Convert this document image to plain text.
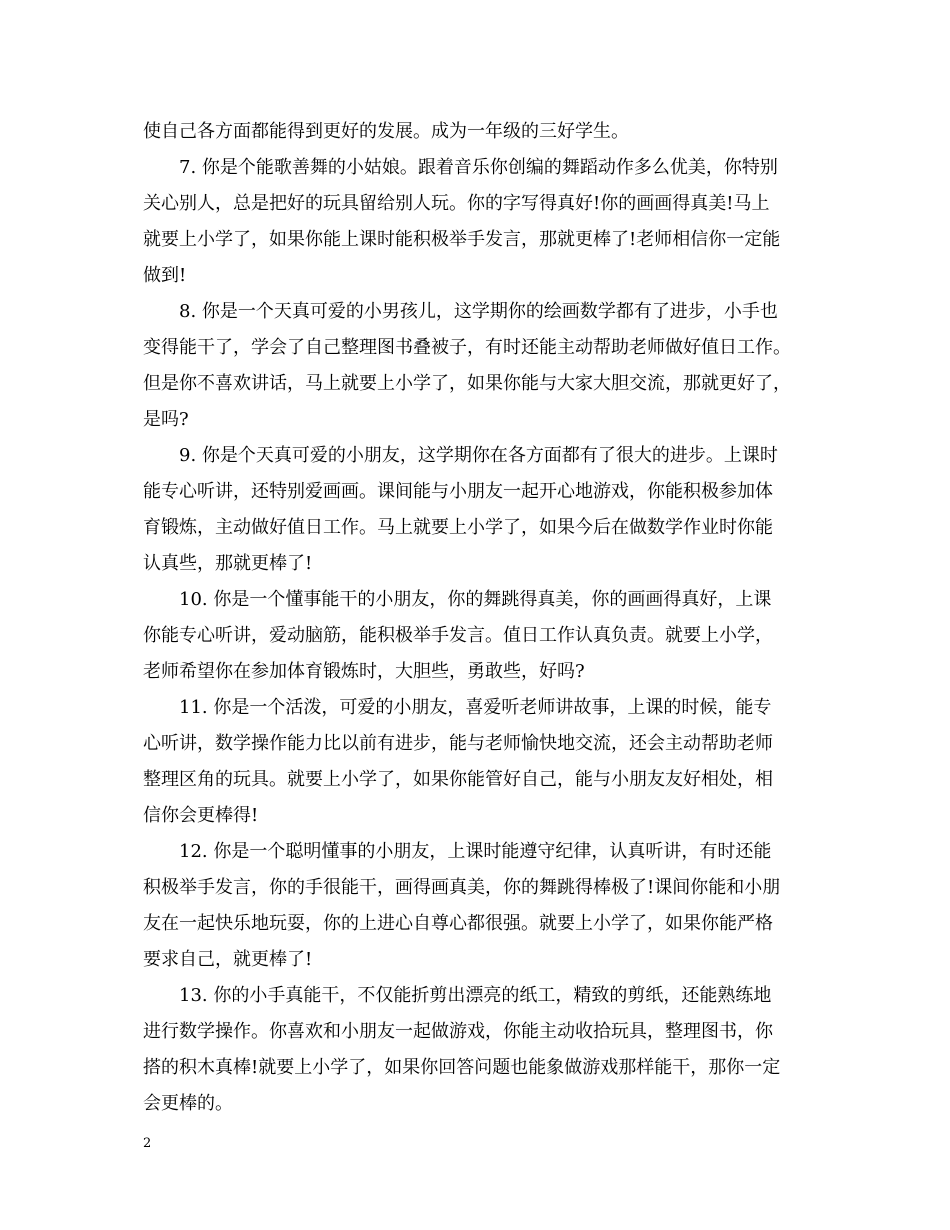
使自己各方面都能得到更好的发展。成为一年级的三好学生。
7. 你是个能歌善舞的小姑娘。跟着音乐你创编的舞蹈动作多么优美，你特别
关心别人，总是把好的玩具留给别人玩。你的字写得真好!你的画画得真美!马上
就要上小学了，如果你能上课时能积极举手发言，那就更棒了!老师相信你一定能
做到!
8. 你是一个天真可爱的小男孩儿，这学期你的绘画数学都有了进步，小手也
变得能干了，学会了自己整理图书叠被子，有时还能主动帮助老师做好值日工作。
但是你不喜欢讲话，马上就要上小学了，如果你能与大家大胆交流，那就更好了，
是吗?
9. 你是个天真可爱的小朋友，这学期你在各方面都有了很大的进步。上课时
能专心听讲，还特别爱画画。课间能与小朋友一起开心地游戏，你能积极参加体
育锻炼，主动做好值日工作。马上就要上小学了，如果今后在做数学作业时你能
认真些，那就更棒了!
10. 你是一个懂事能干的小朋友，你的舞跳得真美，你的画画得真好，上课
你能专心听讲，爱动脑筋，能积极举手发言。值日工作认真负责。就要上小学，
老师希望你在参加体育锻炼时，大胆些，勇敢些，好吗?
11. 你是一个活泼，可爱的小朋友，喜爱听老师讲故事，上课的时候，能专
心听讲，数学操作能力比以前有进步，能与老师愉快地交流，还会主动帮助老师
整理区角的玩具。就要上小学了，如果你能管好自己，能与小朋友友好相处，相
信你会更棒得!
12. 你是一个聪明懂事的小朋友，上课时能遵守纪律，认真听讲，有时还能
积极举手发言，你的手很能干，画得画真美，你的舞跳得棒极了!课间你能和小朋
友在一起快乐地玩耍，你的上进心自尊心都很强。就要上小学了，如果你能严格
要求自己，就更棒了!
13. 你的小手真能干，不仅能折剪出漂亮的纸工，精致的剪纸，还能熟练地
进行数学操作。你喜欢和小朋友一起做游戏，你能主动收拾玩具，整理图书，你
搭的积木真棒!就要上小学了，如果你回答问题也能象做游戏那样能干，那你一定
会更棒的。
2
